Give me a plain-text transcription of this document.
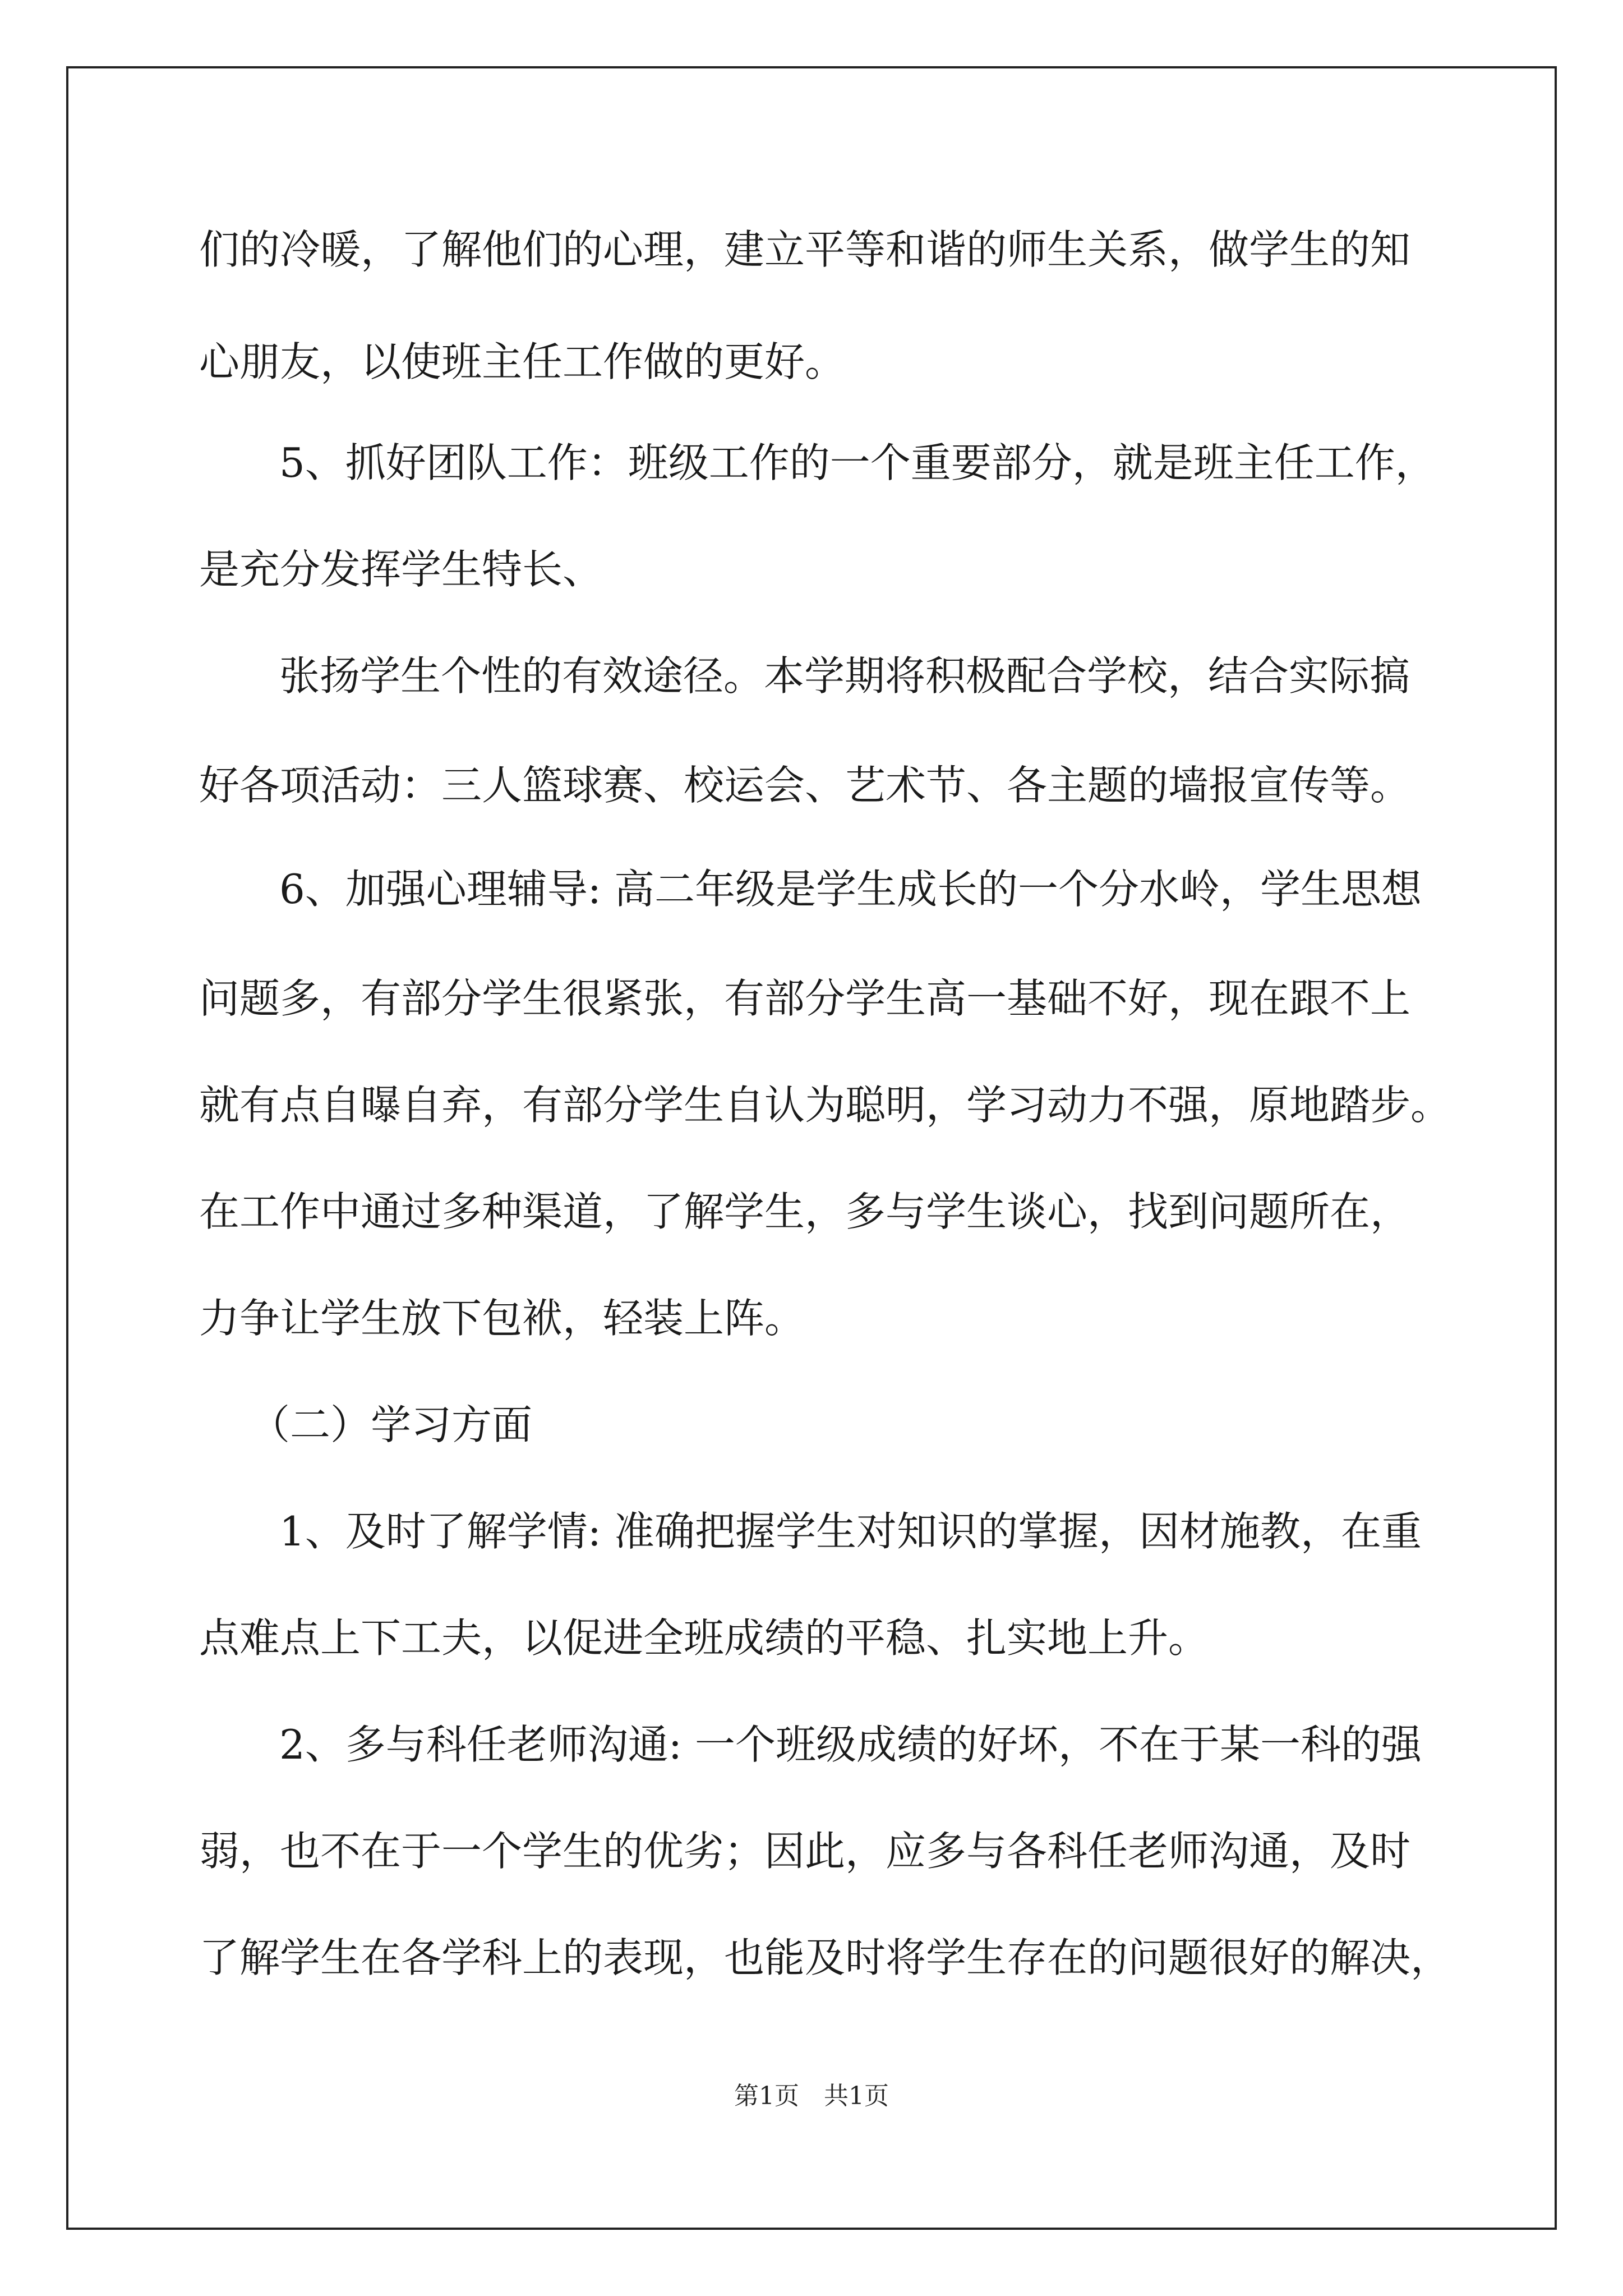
们的冷暖，了解他们的心理，建立平等和谐的师生关系，做学生的知

心朋友，以使班主任工作做的更好。

5、抓好团队工作：班级工作的一个重要部分，就是班主任工作，

是充分发挥学生特长、

张扬学生个性的有效途径。本学期将积极配合学校，结合实际搞

好各项活动：三人篮球赛、校运会、艺术节、各主题的墙报宣传等。

6、加强心理辅导: 高二年级是学生成长的一个分水岭，学生思想

问题多，有部分学生很紧张，有部分学生高一基础不好，现在跟不上

就有点自曝自弃，有部分学生自认为聪明，学习动力不强，原地踏步。

在工作中通过多种渠道，了解学生，多与学生谈心，找到问题所在，

力争让学生放下包袱，轻装上阵。

（二）学习方面

1、及时了解学情: 准确把握学生对知识的掌握，因材施教，在重

点难点上下工夫，以促进全班成绩的平稳、扎实地上升。

2、多与科任老师沟通: 一个班级成绩的好坏，不在于某一科的强

弱，也不在于一个学生的优劣；因此，应多与各科任老师沟通，及时

了解学生在各学科上的表现，也能及时将学生存在的问题很好的解决，

第1页　共1页
